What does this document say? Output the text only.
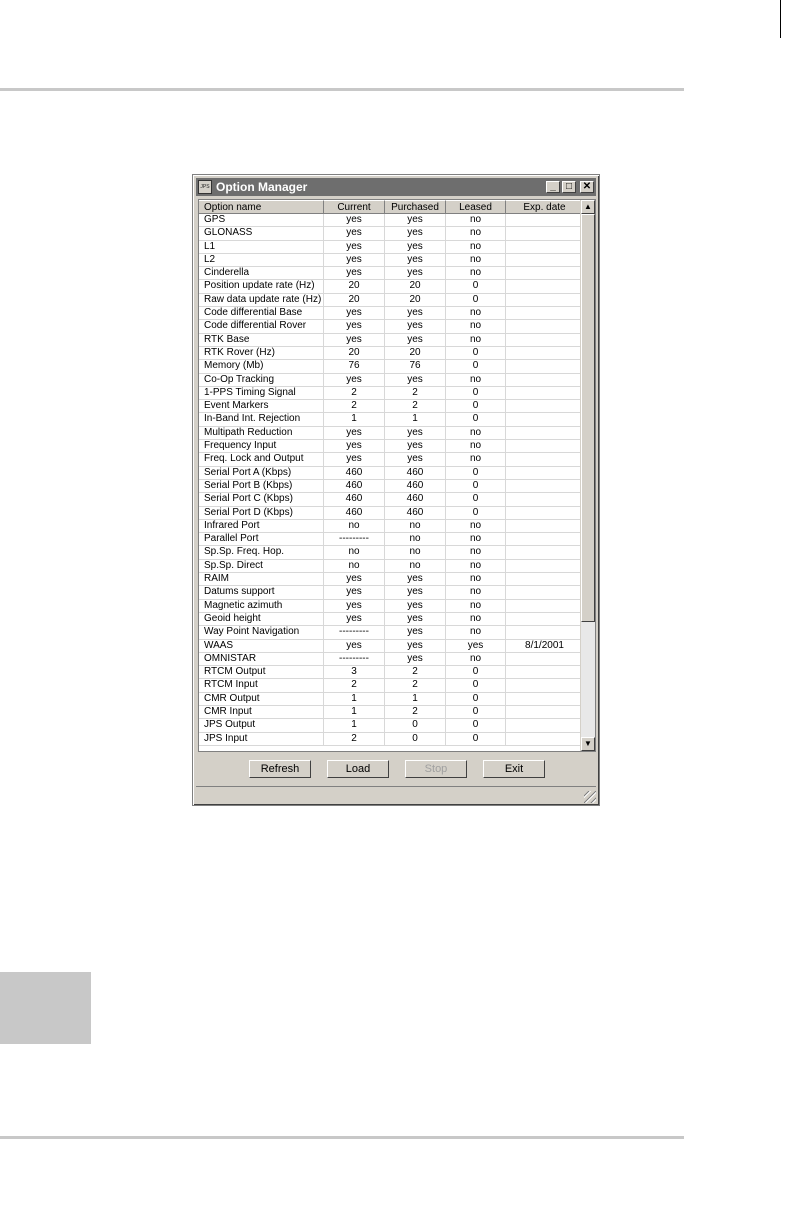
JPS Option Manager	_	□	✕
Option name	Current	Purchased	Leased	Exp. date
GPS	yes	yes	no
GLONASS	yes	yes	no
L1	yes	yes	no
L2	yes	yes	no
Cinderella	yes	yes	no
Position update rate (Hz)	20	20	0
Raw data update rate (Hz)	20	20	0
Code differential Base	yes	yes	no
Code differential Rover	yes	yes	no
RTK Base	yes	yes	no
RTK Rover (Hz)	20	20	0
Memory (Mb)	76	76	0
Co-Op Tracking	yes	yes	no
1-PPS Timing Signal	2	2	0
Event Markers	2	2	0
In-Band Int. Rejection	1	1	0
Multipath Reduction	yes	yes	no
Frequency Input	yes	yes	no
Freq. Lock and Output	yes	yes	no
Serial Port A (Kbps)	460	460	0
Serial Port B (Kbps)	460	460	0
Serial Port C (Kbps)	460	460	0
Serial Port D (Kbps)	460	460	0
Infrared Port	no	no	no
Parallel Port	---------	no	no
Sp.Sp. Freq. Hop.	no	no	no
Sp.Sp. Direct	no	no	no
RAIM	yes	yes	no
Datums support	yes	yes	no
Magnetic azimuth	yes	yes	no
Geoid height	yes	yes	no
Way Point Navigation	---------	yes	no
WAAS	yes	yes	yes	8/1/2001
OMNISTAR	---------	yes	no
RTCM Output	3	2	0
RTCM Input	2	2	0
CMR Output	1	1	0
CMR Input	1	2	0
JPS Output	1	0	0
JPS Input	2	0	0
▲
▼
Refresh	Load	Stop	Exit
